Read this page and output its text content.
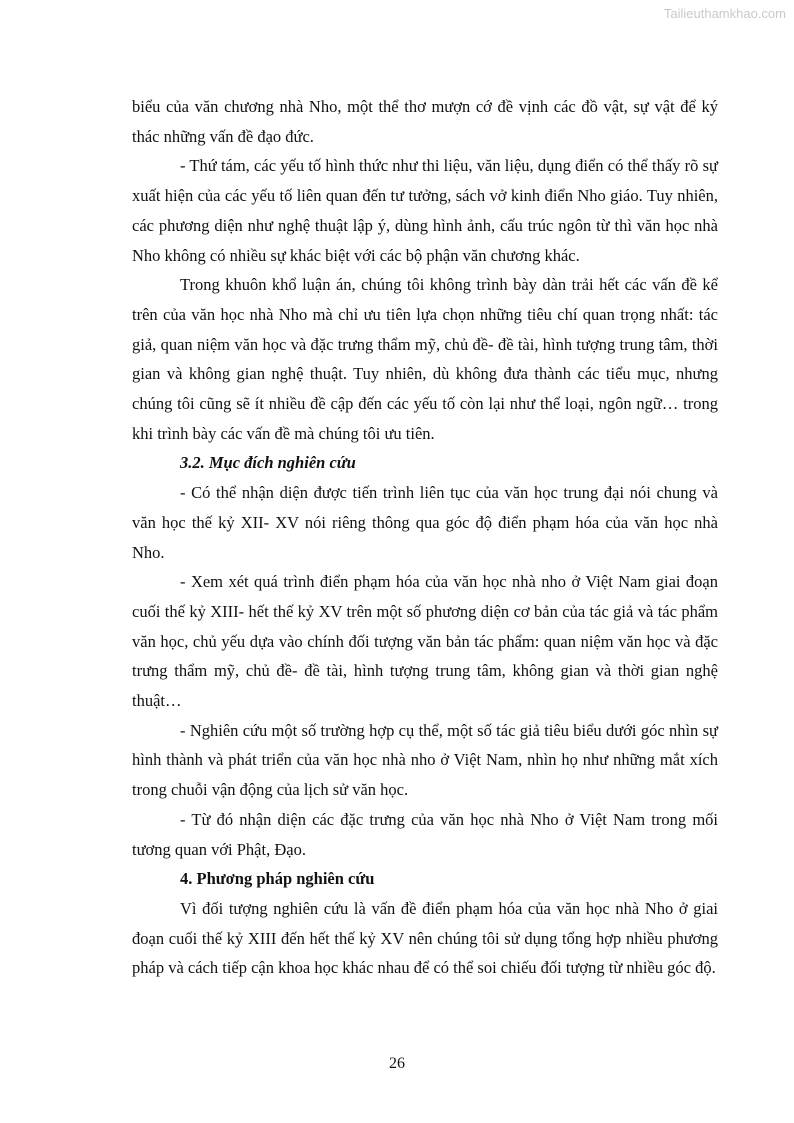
Tailieuthamkhao.com

biểu của văn chương nhà Nho, một thể thơ mượn cớ đề vịnh các đồ vật, sự vật để ký thác những vấn đề đạo đức.

- Thứ tám, các yếu tố hình thức như thi liệu, văn liệu, dụng điển có thể thấy rõ sự xuất hiện của các yếu tố liên quan đến tư tưởng, sách vở kinh điển Nho giáo. Tuy nhiên, các phương diện như nghệ thuật lập ý, dùng hình ảnh, cấu trúc ngôn từ thì văn học nhà Nho không có nhiều sự khác biệt với các bộ phận văn chương khác.

Trong khuôn khổ luận án, chúng tôi không trình bày dàn trải hết các vấn đề kể trên của văn học nhà Nho mà chỉ ưu tiên lựa chọn những tiêu chí quan trọng nhất: tác giả, quan niệm văn học và đặc trưng thẩm mỹ, chủ đề- đề tài, hình tượng trung tâm, thời gian và không gian nghệ thuật. Tuy nhiên, dù không đưa thành các tiểu mục, nhưng chúng tôi cũng sẽ ít nhiều đề cập đến các yếu tố còn lại như thể loại, ngôn ngữ… trong khi trình bày các vấn đề mà chúng tôi ưu tiên.

3.2. Mục đích nghiên cứu

- Có thể nhận diện được tiến trình liên tục của văn học trung đại nói chung và văn học thế kỷ XII- XV nói riêng thông qua góc độ điển phạm hóa của văn học nhà Nho.

- Xem xét quá trình điển phạm hóa của văn học nhà nho ở Việt Nam giai đoạn cuối thế kỷ XIII- hết thế kỷ XV trên một số phương diện cơ bản của tác giả và tác phẩm văn học, chủ yếu dựa vào chính đối tượng văn bản tác phẩm: quan niệm văn học và đặc trưng thẩm mỹ, chủ đề- đề tài, hình tượng trung tâm, không gian và thời gian nghệ thuật…

- Nghiên cứu một số trường hợp cụ thể, một số tác giả tiêu biểu dưới góc nhìn sự hình thành và phát triển của văn học nhà nho ở Việt Nam, nhìn họ như những mắt xích trong chuỗi vận động của lịch sử văn học.

- Từ đó nhận diện các đặc trưng của văn học nhà Nho ở Việt Nam trong mối tương quan với Phật, Đạo.

4. Phương pháp nghiên cứu

Vì đối tượng nghiên cứu là vấn đề điển phạm hóa của văn học nhà Nho ở giai đoạn cuối thế kỷ XIII đến hết thế kỷ XV nên chúng tôi sử dụng tổng hợp nhiều phương pháp và cách tiếp cận khoa học khác nhau để có thể soi chiếu đối tượng từ nhiều góc độ.

26
